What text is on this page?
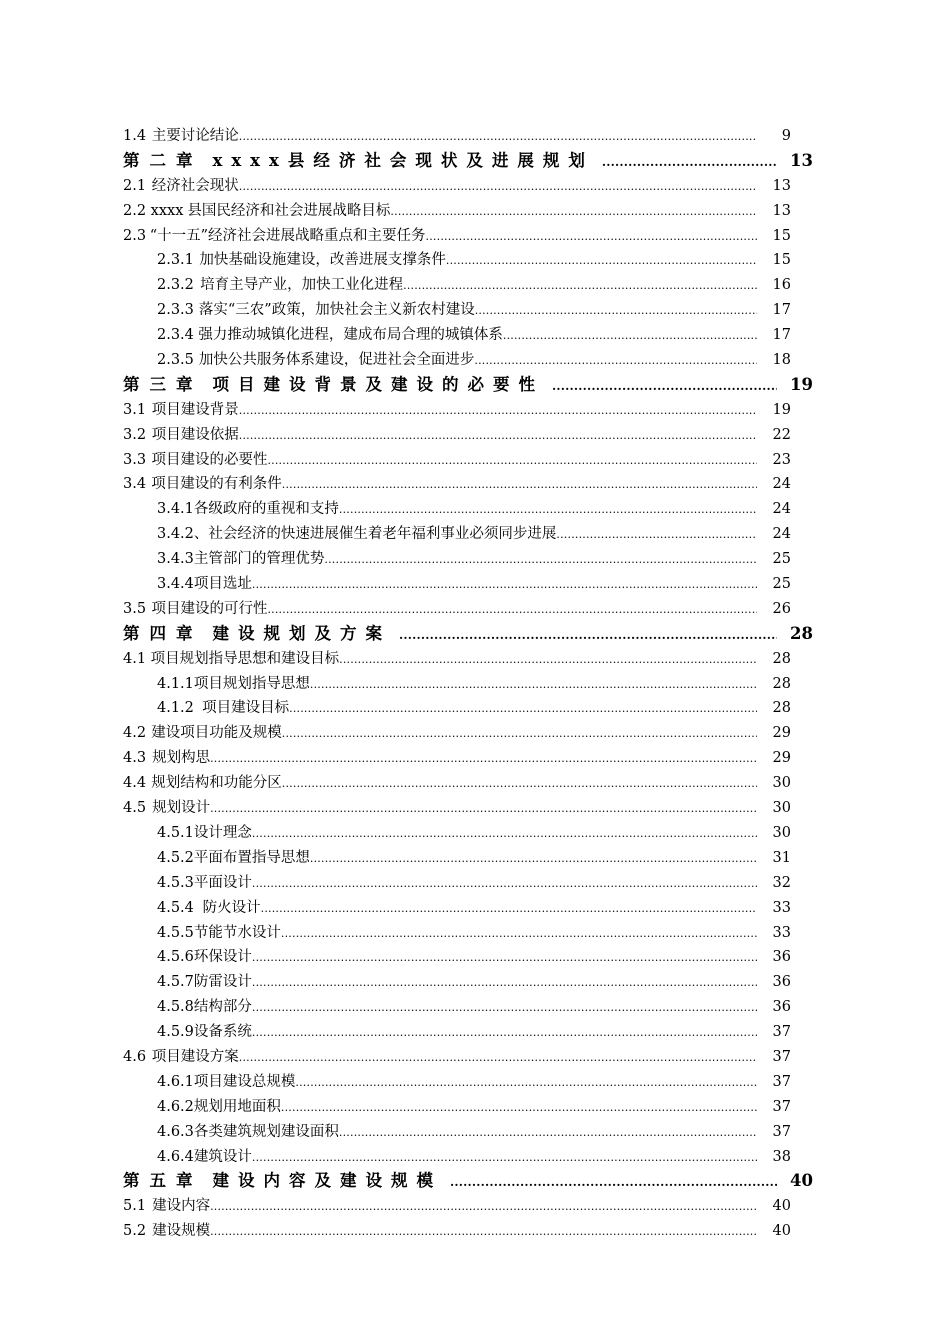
1.4 主要讨论结论 .....	9
第二章 xxxx县经济社会现状及进展规划 .....	13
2.1 经济社会现状 .....	13
2.2 xxxx 县国民经济和社会进展战略目标 .....	13
2.3 “十一五”经济社会进展战略重点和主要任务 .....	15
2.3.1 加快基础设施建设，改善进展支撑条件 .....	15
2.3.2 培育主导产业，加快工业化进程 .....	16
2.3.3 落实“三农”政策，加快社会主义新农村建设 .....	17
2.3.4 强力推动城镇化进程，建成布局合理的城镇体系 .....	17
2.3.5 加快公共服务体系建设，促进社会全面进步 .....	18
第三章 项目建设背景及建设的必要性 .....	19
3.1 项目建设背景 .....	19
3.2 项目建设依据 .....	22
3.3 项目建设的必要性 .....	23
3.4 项目建设的有利条件 .....	24
3.4.1 各级政府的重视和支持 .....	24
3.4.2 、社会经济的快速进展催生着老年福利事业必须同步进展 .....	24
3.4.3 主管部门的管理优势 .....	25
3.4.4 项目选址 .....	25
3.5 项目建设的可行性 .....	26
第四章 建设规划及方案 .....	28
4.1 项目规划指导思想和建设目标 .....	28
4.1.1 项目规划指导思想 .....	28
4.1.2 项目建设目标 .....	28
4.2 建设项目功能及规模 .....	29
4.3 规划构思 .....	29
4.4 规划结构和功能分区 .....	30
4.5 规划设计 .....	30
4.5.1 设计理念 .....	30
4.5.2 平面布置指导思想 .....	31
4.5.3 平面设计 .....	32
4.5.4 防火设计 .....	33
4.5.5 节能节水设计 .....	33
4.5.6 环保设计 .....	36
4.5.7 防雷设计 .....	36
4.5.8 结构部分 .....	36
4.5.9 设备系统 .....	37
4.6 项目建设方案 .....	37
4.6.1 项目建设总规模 .....	37
4.6.2 规划用地面积 .....	37
4.6.3 各类建筑规划建设面积 .....	37
4.6.4 建筑设计 .....	38
第五章 建设内容及建设规模 .....	40
5.1 建设内容 .....	40
5.2 建设规模 .....	40
